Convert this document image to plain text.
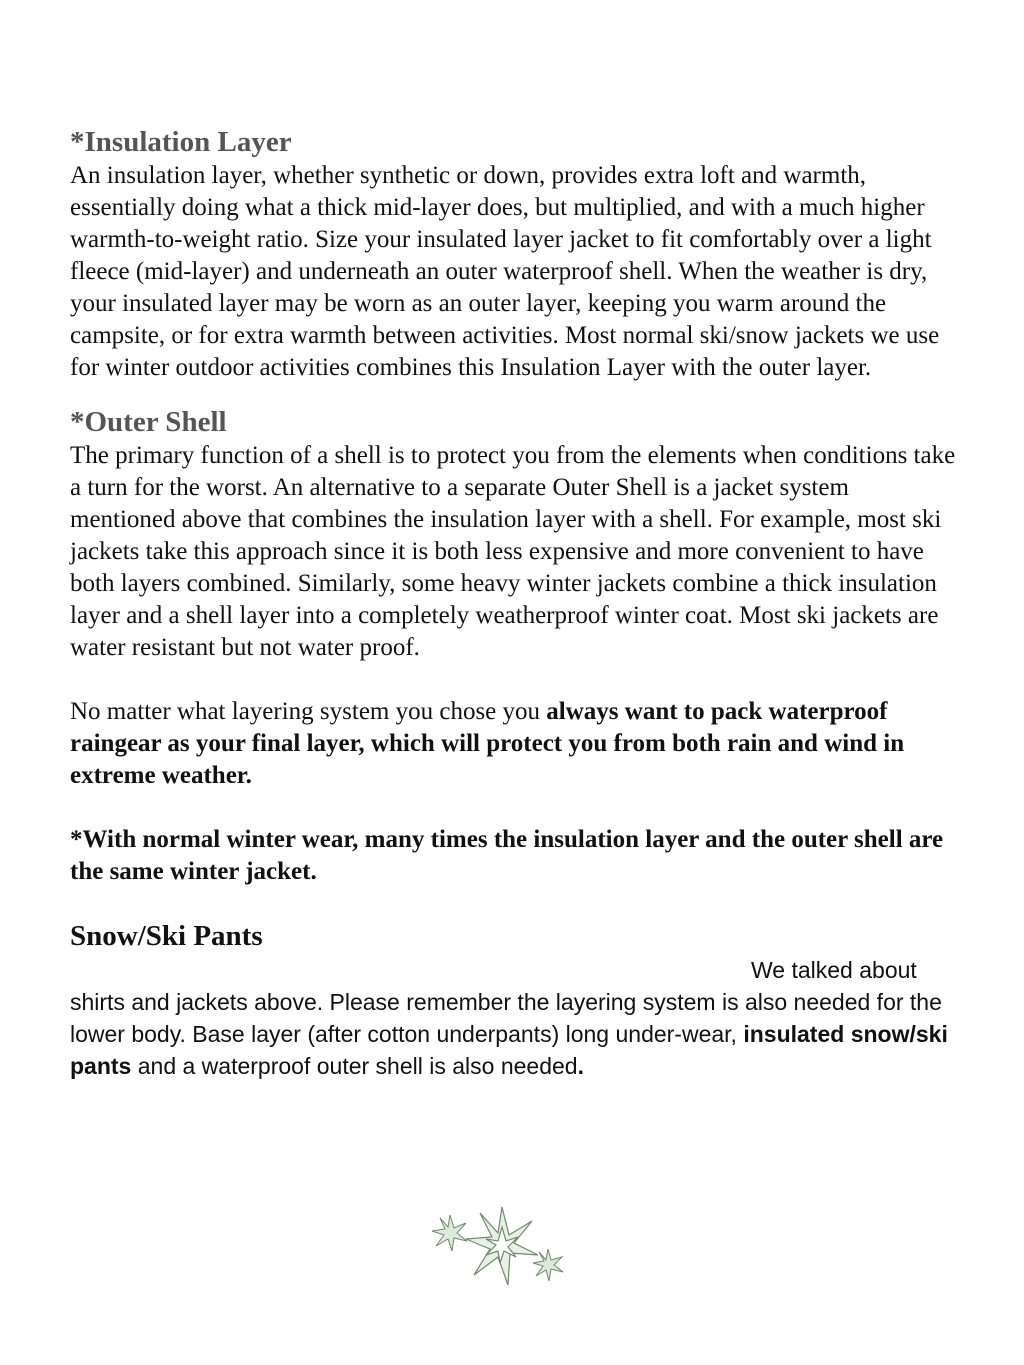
*Insulation Layer

An insulation layer, whether synthetic or down, provides extra loft and warmth, essentially doing what a thick mid-layer does, but multiplied, and with a much higher warmth-to-weight ratio. Size your insulated layer jacket to fit comfortably over a light fleece (mid-layer) and underneath an outer waterproof shell. When the weather is dry, your insulated layer may be worn as an outer layer, keeping you warm around the campsite, or for extra warmth between activities. Most normal ski/snow jackets we use for winter outdoor activities combines this Insulation Layer with the outer layer.

*Outer Shell

The primary function of a shell is to protect you from the elements when conditions take a turn for the worst. An alternative to a separate Outer Shell is a jacket system mentioned above that combines the insulation layer with a shell. For example, most ski jackets take this approach since it is both less expensive and more convenient to have both layers combined. Similarly, some heavy winter jackets combine a thick insulation layer and a shell layer into a completely weatherproof winter coat. Most ski jackets are water resistant but not water proof.

No matter what layering system you chose you always want to pack waterproof raingear as your final layer, which will protect you from both rain and wind in extreme weather.

*With normal winter wear, many times the insulation layer and the outer shell are the same winter jacket.

Snow/Ski Pants

We talked about
shirts and jackets above. Please remember the layering system is also needed for the lower body. Base layer (after cotton underpants) long under-wear, insulated snow/ski pants and a waterproof outer shell is also needed.
